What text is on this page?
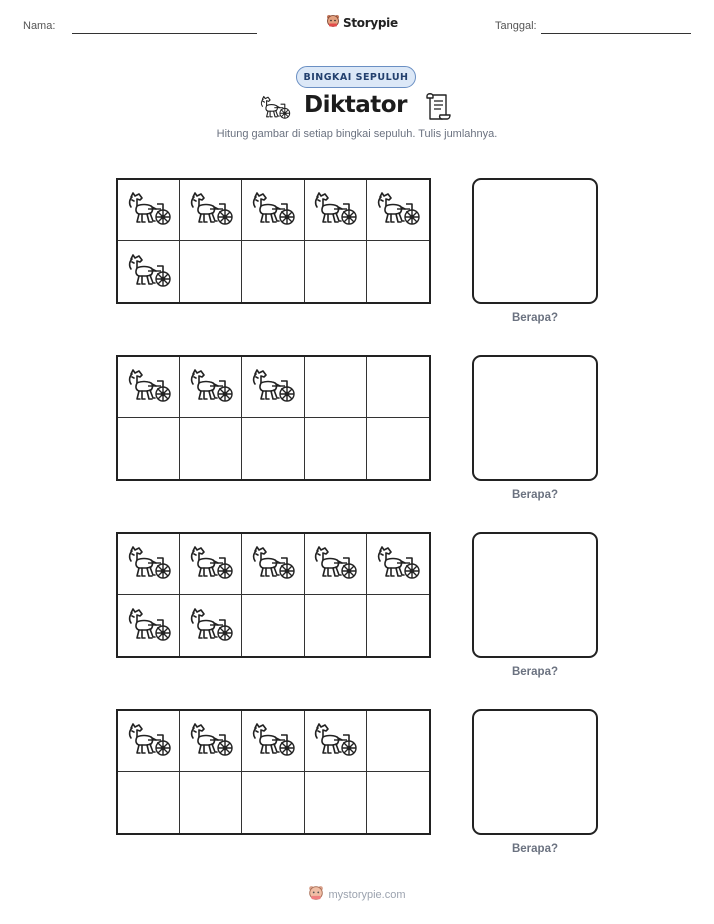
Nama:	Storypie	Tanggal:
BINGKAI SEPULUH
Diktator
Hitung gambar di setiap bingkai sepuluh. Tulis jumlahnya.
Berapa?
Berapa?
Berapa?
Berapa?
mystorypie.com
